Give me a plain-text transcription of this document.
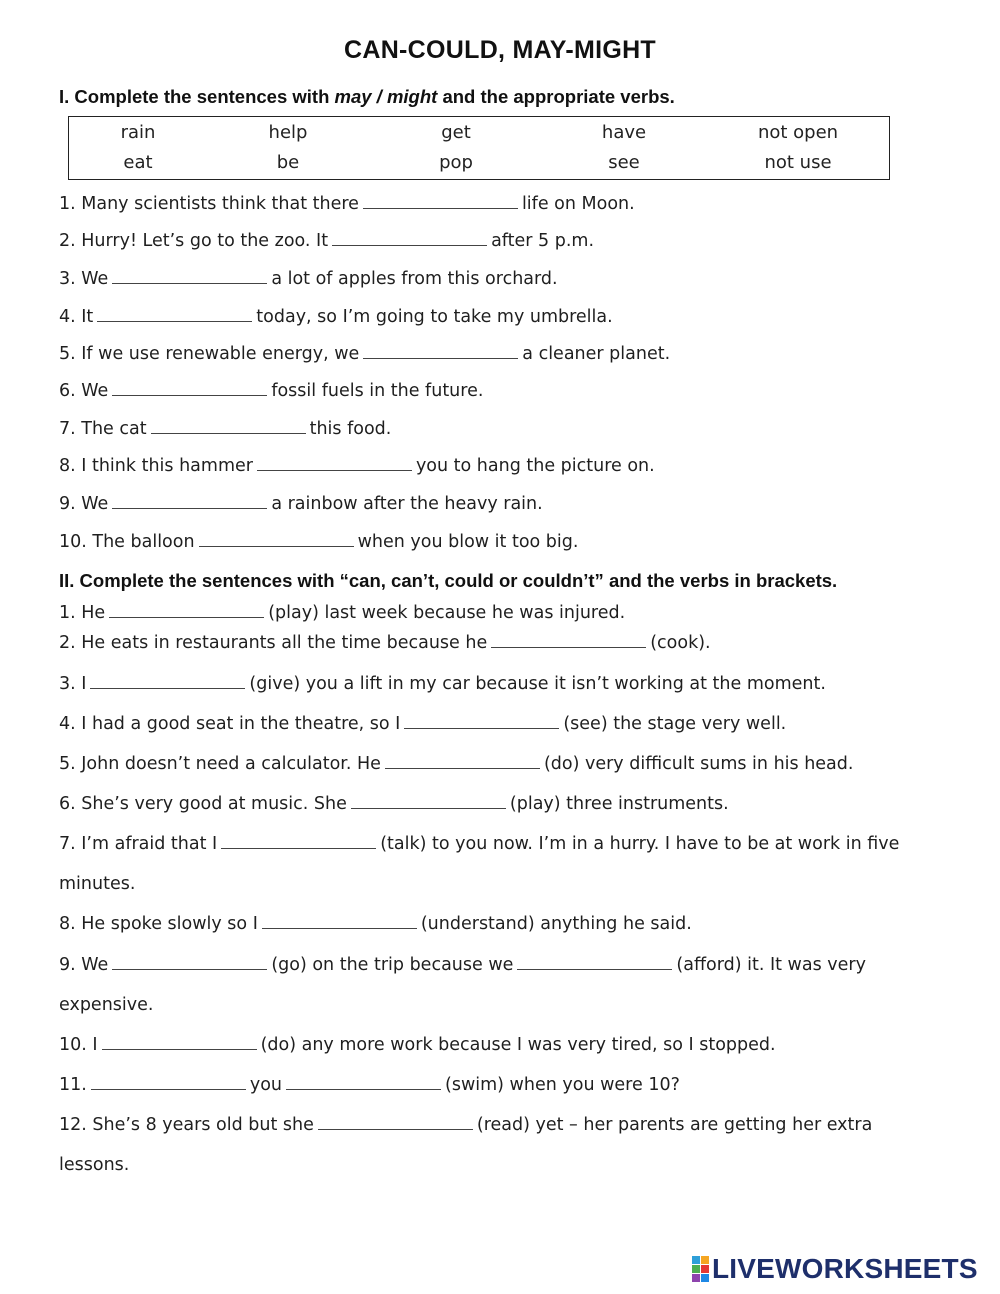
CAN-COULD, MAY-MIGHT
I. Complete the sentences with may / might and the appropriate verbs.
rain	help	get	have	not open
eat	be	pop	see	not use
1. Many scientists think that there	life on Moon.
2. Hurry! Let’s go to the zoo. It	after 5 p.m.
3. We	a lot of apples from this orchard.
4. It	today, so I’m going to take my umbrella.
5. If we use renewable energy, we	a cleaner planet.
6. We	fossil fuels in the future.
7. The cat	this food.
8. I think this hammer	you to hang the picture on.
9. We	a rainbow after the heavy rain.
10. The balloon	when you blow it too big.
II. Complete the sentences with “can, can’t, could or couldn’t” and the verbs in brackets.
1. He	(play) last week because he was injured.
2. He eats in restaurants all the time because he	(cook).
3. I	(give) you a lift in my car because it isn’t working at the moment.
4. I had a good seat in the theatre, so I	(see) the stage very well.
5. John doesn’t need a calculator. He	(do) very difficult sums in his head.
6. She’s very good at music. She	(play) three instruments.
7. I’m afraid that I	(talk) to you now. I’m in a hurry. I have to be at work in five
minutes.
8. He spoke slowly so I	(understand) anything he said.
9. We	(go) on the trip because we	(afford) it. It was very
expensive.
10. I	(do) any more work because I was very tired, so I stopped.
11.	you	(swim) when you were 10?
12. She’s 8 years old but she	(read) yet – her parents are getting her extra
lessons.
LIVEWORKSHEETS
